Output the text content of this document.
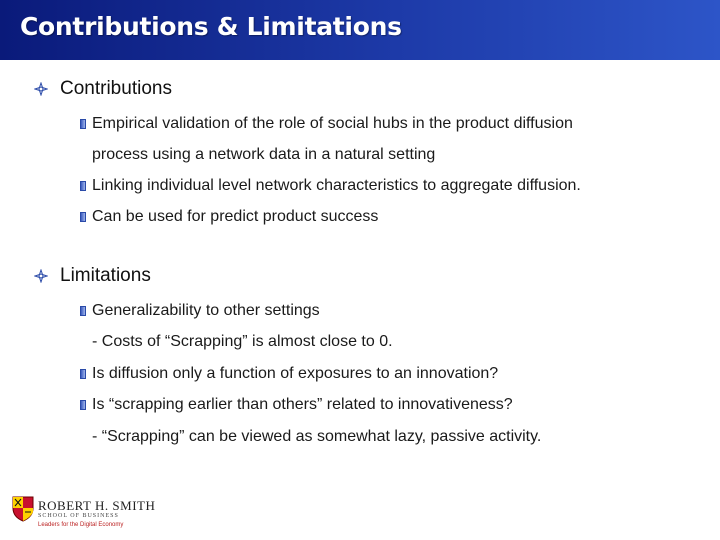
Contributions & Limitations
Contributions
Empirical validation of the role of social hubs in the product diffusion
process using a network data in a natural setting
Linking individual level network characteristics to aggregate diffusion.
Can be used for predict product success
Limitations
Generalizability to other settings
- Costs of “Scrapping” is almost close to 0.
Is diffusion only a function of exposures to an innovation?
Is “scrapping earlier than others” related to innovativeness?
- “Scrapping” can be viewed as somewhat lazy, passive activity.
ROBERT H. SMITH
SCHOOL OF BUSINESS
Leaders for the Digital Economy
